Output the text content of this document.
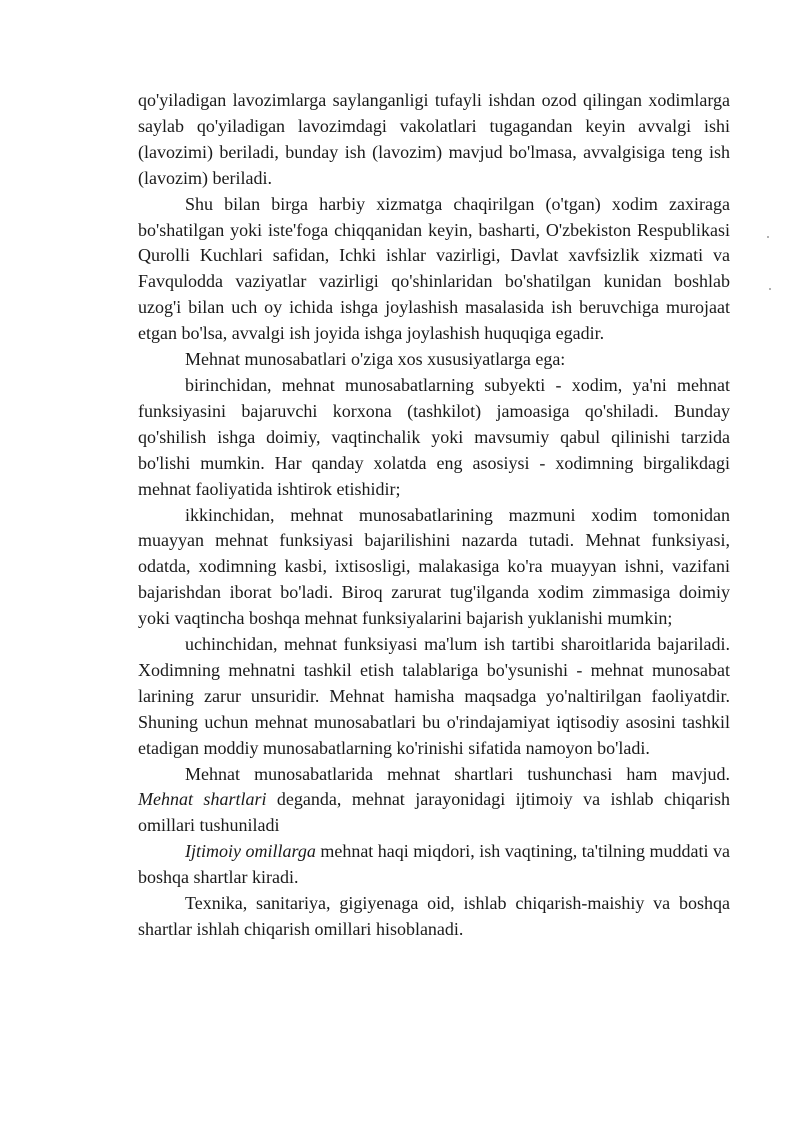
qo'yiladigan lavozimlarga saylanganligi tufayli ishdan ozod qilingan xodimlarga saylab qo'yiladigan lavozimdagi vakolatlari tugagandan keyin avvalgi ishi (lavozimi) beriladi, bunday ish (lavozim) mavjud bo'lmasa, avvalgisiga teng ish (lavozim) beriladi.

Shu bilan birga harbiy xizmatga chaqirilgan (o'tgan) xodim zaxiraga bo'shatilgan yoki iste'foga chiqqanidan keyin, basharti, O'zbekiston Respublikasi Qurolli Kuchlari safidan, Ichki ishlar vazirligi, Davlat xavfsizlik xizmati va Favqulodda vaziyatlar vazirligi qo'shinlaridan bo'shatilgan kunidan boshlab uzog'i bilan uch oy ichida ishga joylashish masalasida ish beruvchiga murojaat etgan bo'lsa, avvalgi ish joyida ishga joylashish huquqiga egadir.

Mehnat munosabatlari o'ziga xos xususiyatlarga ega:

birinchidan, mehnat munosabatlarning subyekti - xodim, ya'ni mehnat funksiyasini bajaruvchi korxona (tashkilot) jamoasiga qo'shiladi. Bunday qo'shilish ishga doimiy, vaqtinchalik yoki mavsumiy qabul qilinishi tarzida bo'lishi mumkin. Har qanday xolatda eng asosiysi - xodimning birgalikdagi mehnat faoliyatida ishtirok etishidir;

ikkinchidan, mehnat munosabatlarining mazmuni xodim tomonidan muayyan mehnat funksiyasi bajarilishini nazarda tutadi. Mehnat funksiyasi, odatda, xodimning kasbi, ixtisosligi, malakasiga ko'ra muayyan ishni, vazifani bajarishdan iborat bo'ladi. Biroq zarurat tug'ilganda xodim zimmasiga doimiy yoki vaqtincha boshqa mehnat funksiyalarini bajarish yuklanishi mumkin;

uchinchidan, mehnat funksiyasi ma'lum ish tartibi sharoitlarida bajariladi. Xodimning mehnatni tashkil etish talablariga bo'ysunishi - mehnat munosabat larining zarur unsuridir. Mehnat hamisha maqsadga yo'naltirilgan faoliyatdir. Shuning uchun mehnat munosabatlari bu o'rindajamiyat iqtisodiy asosini tashkil etadigan moddiy munosabatlarning ko'rinishi sifatida namoyon bo'ladi.

Mehnat munosabatlarida mehnat shartlari tushunchasi ham mavjud. Mehnat shartlari deganda, mehnat jarayonidagi ijtimoiy va ishlab chiqarish omillari tushuniladi

Ijtimoiy omillarga mehnat haqi miqdori, ish vaqtining, ta'tilning muddati va boshqa shartlar kiradi.

Texnika, sanitariya, gigiyenaga oid, ishlab chiqarish-maishiy va boshqa shartlar ishlah chiqarish omillari hisoblanadi.
